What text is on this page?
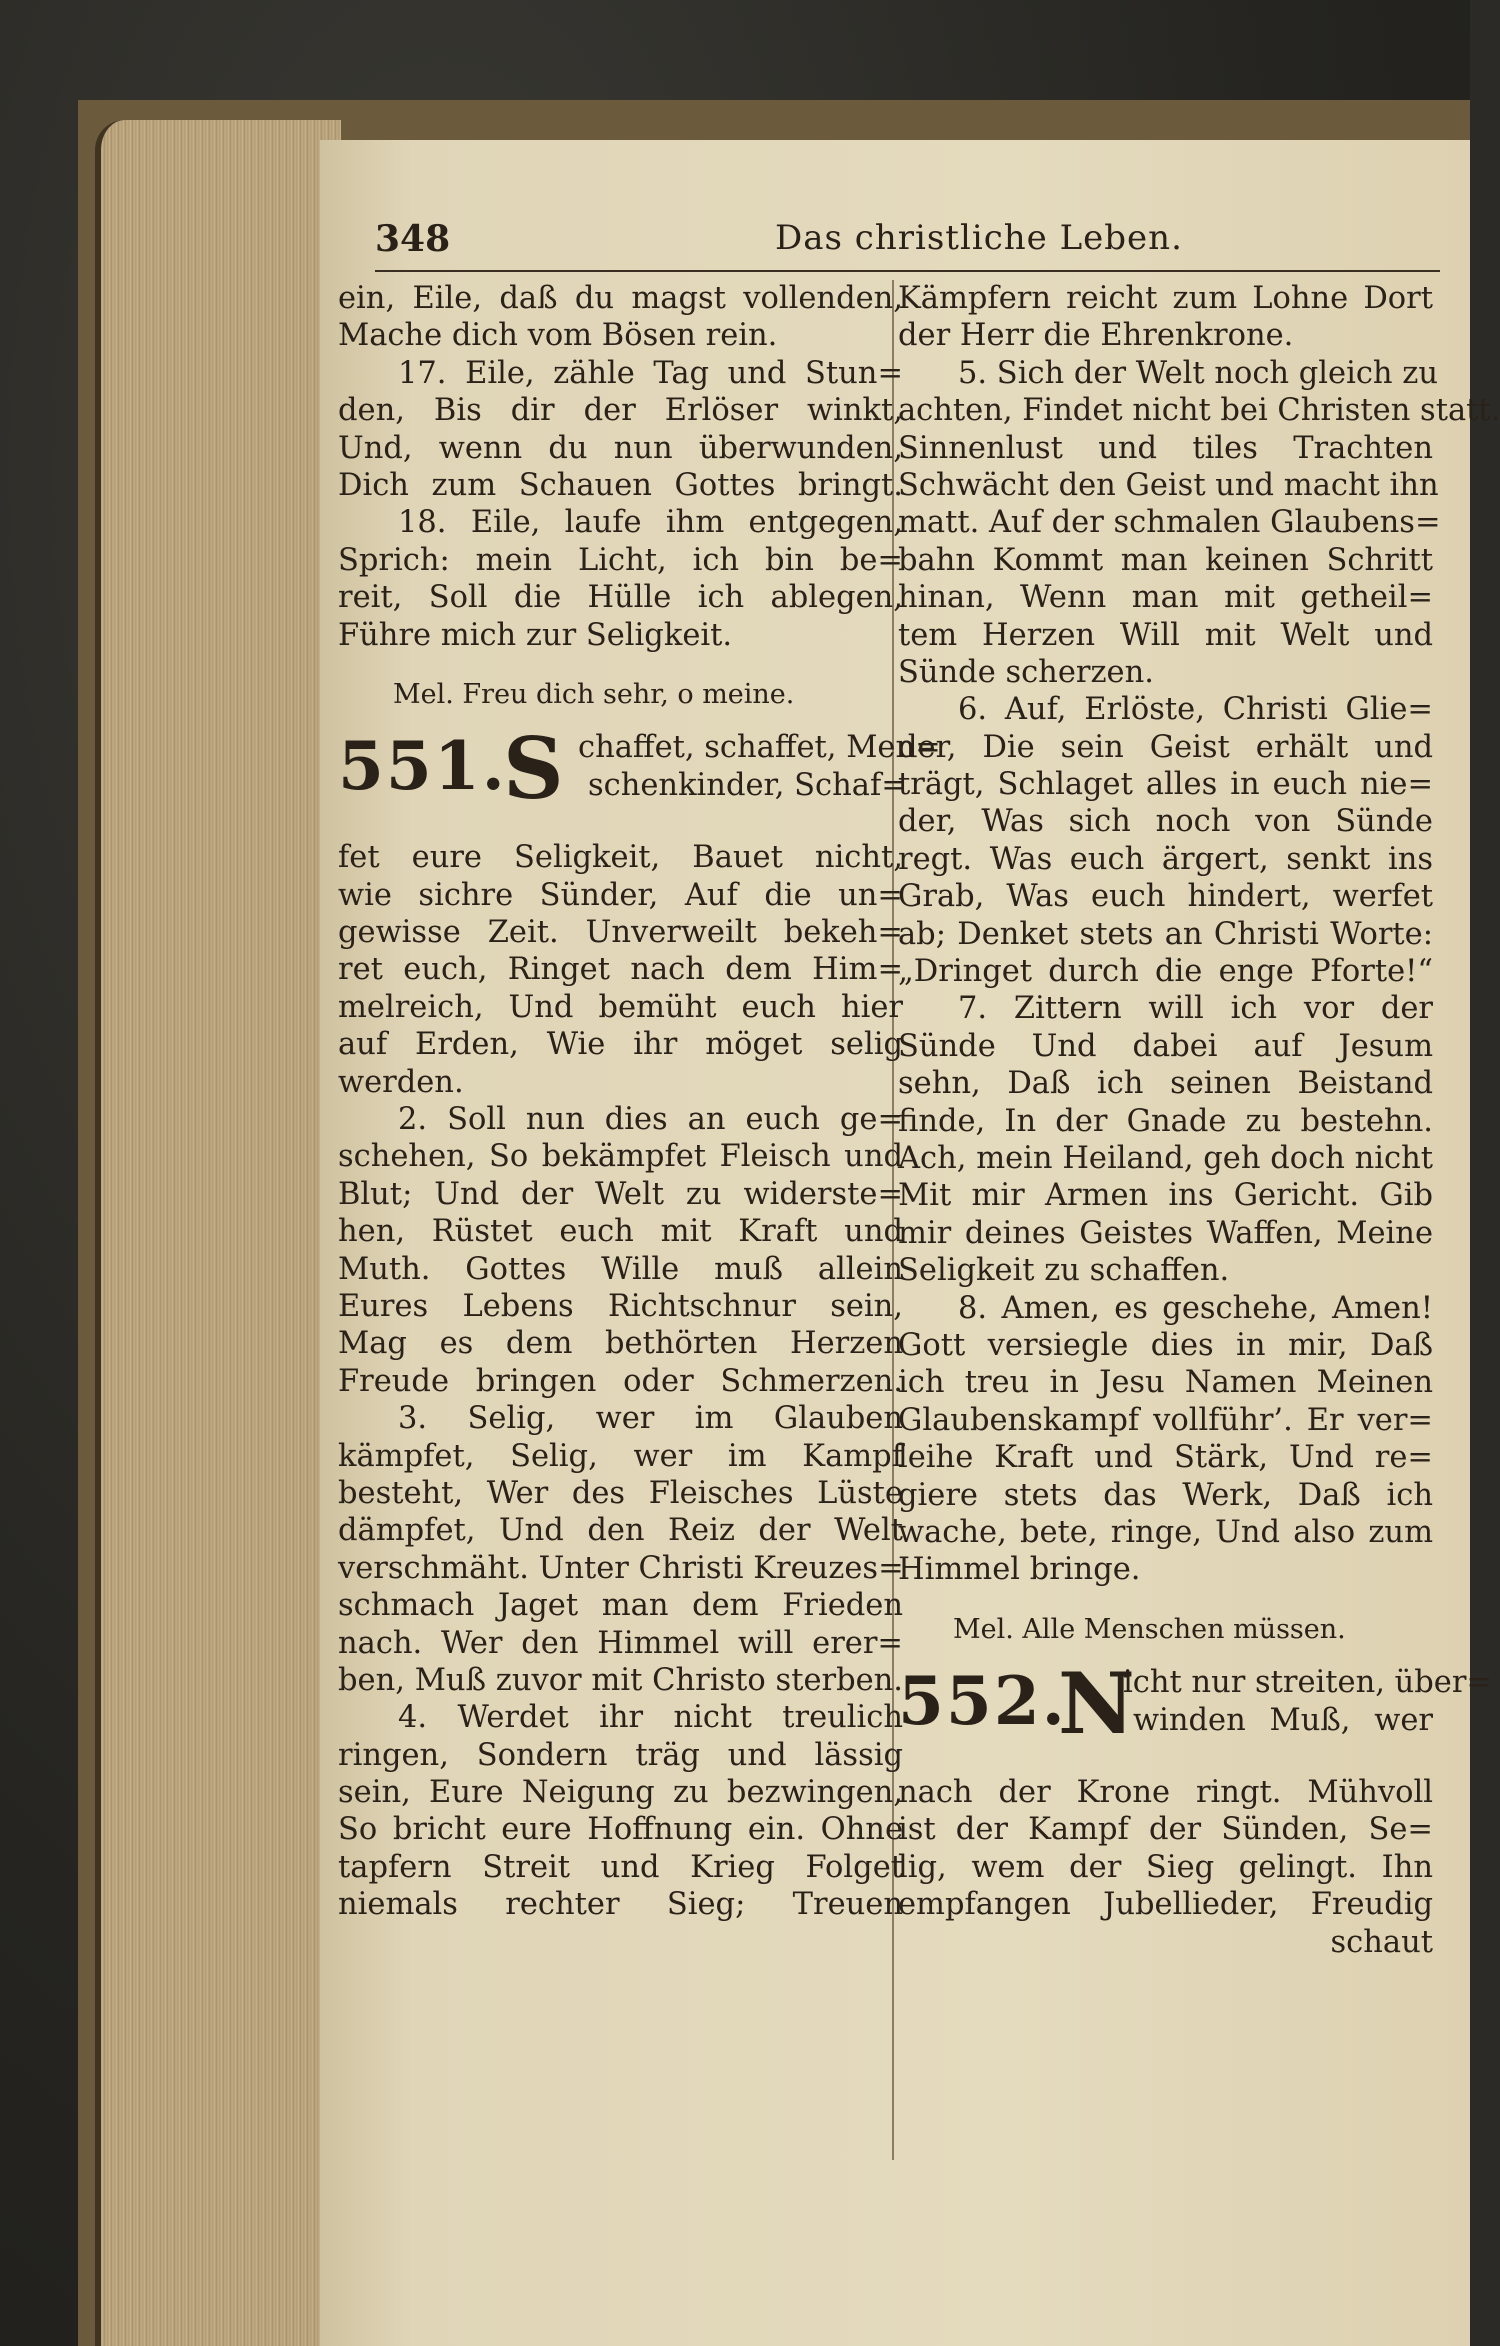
348	Das christliche Leben.
ein, Eile, daß du magst vollenden,
Mache dich vom Bösen rein.
17. Eile, zähle Tag und Stun=
den, Bis dir der Erlöser winkt,
Und, wenn du nun überwunden,
Dich zum Schauen Gottes bringt.
18. Eile, laufe ihm entgegen,
Sprich: mein Licht, ich bin be=
reit, Soll die Hülle ich ablegen,
Führe mich zur Seligkeit.
Mel. Freu dich sehr, o meine.
551.
S chaffet, schaffet, Men=
schenkinder, Schaf=
fet eure Seligkeit, Bauet nicht,
wie sichre Sünder, Auf die un=
gewisse Zeit. Unverweilt bekeh=
ret euch, Ringet nach dem Him=
melreich, Und bemüht euch hier
auf Erden, Wie ihr möget selig
werden.
2. Soll nun dies an euch ge=
schehen, So bekämpfet Fleisch und
Blut; Und der Welt zu widerste=
hen, Rüstet euch mit Kraft und
Muth. Gottes Wille muß allein
Eures Lebens Richtschnur sein,
Mag es dem bethörten Herzen
Freude bringen oder Schmerzen.
3. Selig, wer im Glauben
kämpfet, Selig, wer im Kampf
besteht, Wer des Fleisches Lüste
dämpfet, Und den Reiz der Welt
verschmäht. Unter Christi Kreuzes=
schmach Jaget man dem Frieden
nach. Wer den Himmel will erer=
ben, Muß zuvor mit Christo sterben.
4. Werdet ihr nicht treulich
ringen, Sondern träg und lässig
sein, Eure Neigung zu bezwingen,
So bricht eure Hoffnung ein. Ohne
tapfern Streit und Krieg Folget
niemals rechter Sieg; Treuen
Kämpfern reicht zum Lohne Dort
der Herr die Ehrenkrone.
5. Sich der Welt noch gleich zu
achten, Findet nicht bei Christen statt.
Sinnenlust und tiles Trachten
Schwächt den Geist und macht ihn
matt. Auf der schmalen Glaubens=
bahn Kommt man keinen Schritt
hinan, Wenn man mit getheil=
tem Herzen Will mit Welt und
Sünde scherzen.
6. Auf, Erlöste, Christi Glie=
der, Die sein Geist erhält und
trägt, Schlaget alles in euch nie=
der, Was sich noch von Sünde
regt. Was euch ärgert, senkt ins
Grab, Was euch hindert, werfet
ab; Denket stets an Christi Worte:
„Dringet durch die enge Pforte!“
7. Zittern will ich vor der
Sünde Und dabei auf Jesum
sehn, Daß ich seinen Beistand
finde, In der Gnade zu bestehn.
Ach, mein Heiland, geh doch nicht
Mit mir Armen ins Gericht. Gib
mir deines Geistes Waffen, Meine
Seligkeit zu schaffen.
8. Amen, es geschehe, Amen!
Gott versiegle dies in mir, Daß
ich treu in Jesu Namen Meinen
Glaubenskampf vollführ’. Er ver=
leihe Kraft und Stärk, Und re=
giere stets das Werk, Daß ich
wache, bete, ringe, Und also zum
Himmel bringe.
Mel. Alle Menschen müssen.
552.
N
icht nur streiten, über=
winden Muß, wer
nach der Krone ringt. Mühvoll
ist der Kampf der Sünden, Se=
lig, wem der Sieg gelingt. Ihn
empfangen Jubellieder, Freudig
schaut
